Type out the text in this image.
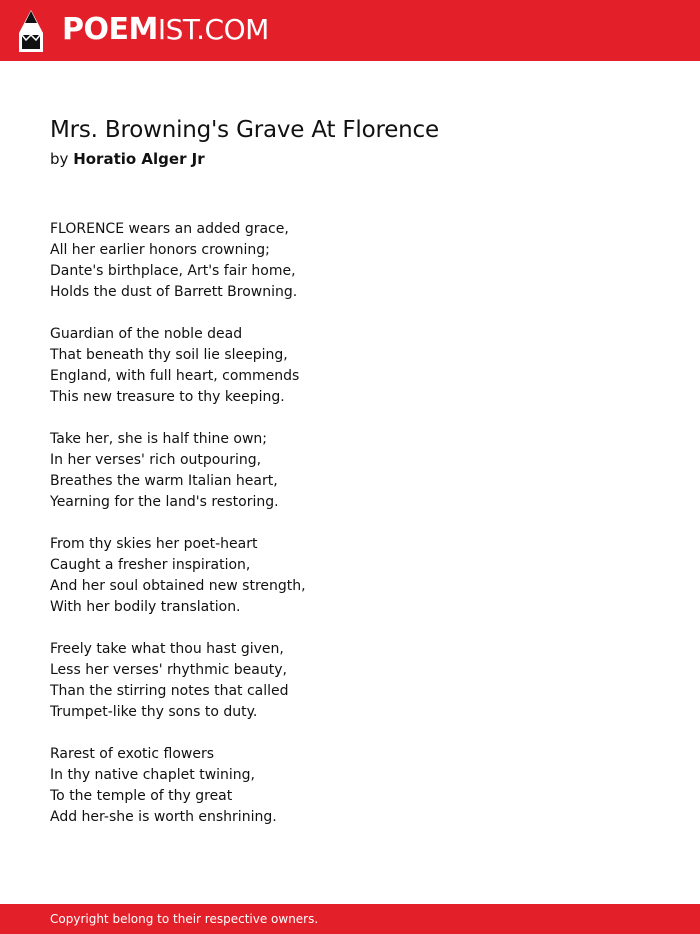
POEMIST.COM
Mrs. Browning's Grave At Florence
by Horatio Alger Jr
FLORENCE wears an added grace,
All her earlier honors crowning;
Dante's birthplace, Art's fair home,
Holds the dust of Barrett Browning.
Guardian of the noble dead
That beneath thy soil lie sleeping,
England, with full heart, commends
This new treasure to thy keeping.
Take her, she is half thine own;
In her verses' rich outpouring,
Breathes the warm Italian heart,
Yearning for the land's restoring.
From thy skies her poet-heart
Caught a fresher inspiration,
And her soul obtained new strength,
With her bodily translation.
Freely take what thou hast given,
Less her verses' rhythmic beauty,
Than the stirring notes that called
Trumpet-like thy sons to duty.
Rarest of exotic flowers
In thy native chaplet twining,
To the temple of thy great
Add her-she is worth enshrining.
Copyright belong to their respective owners.
